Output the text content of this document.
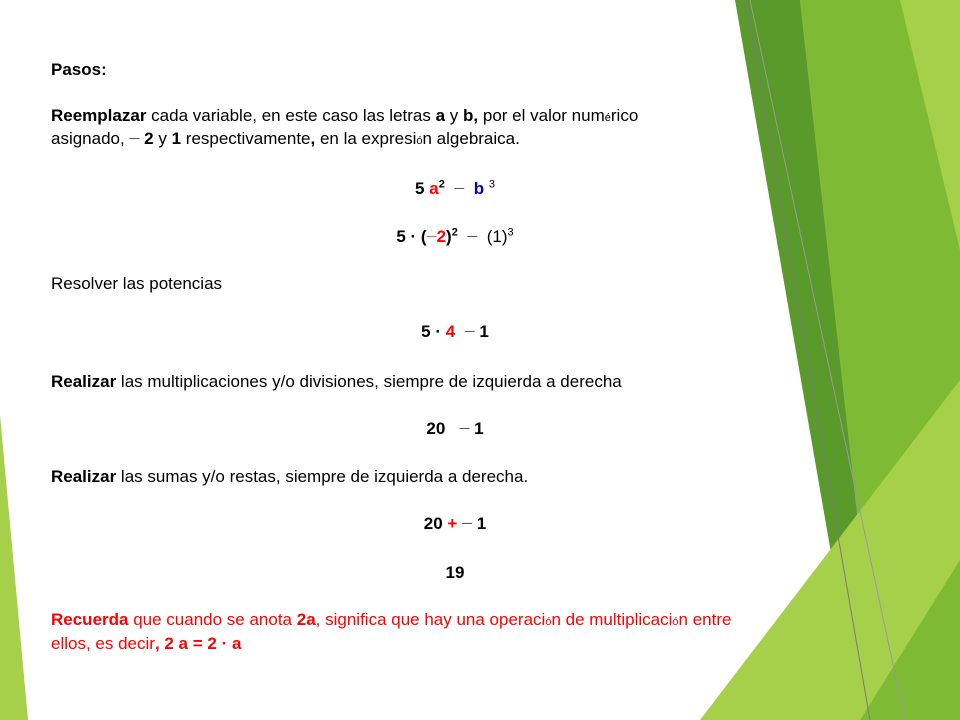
Pasos:
Reemplazar cada variable, en este caso las letras a y b, por el valor numérico
asignado, — 2 y 1 respectivamente, en la expresión algebraica.
5 $a^2$ — b $^3$
5 · (—2)$^2$ — $(1)^3$
Resolver las potencias
5 · 4 — 1
Realizar las multiplicaciones y/o divisiones, siempre de izquierda a derecha
20   — 1
Realizar las sumas y/o restas, siempre de izquierda a derecha.
20 + — 1
19
Recuerda que cuando se anota 2a, significa que hay una operación de multiplicación entre
ellos, es decir, 2 a = 2 · a
